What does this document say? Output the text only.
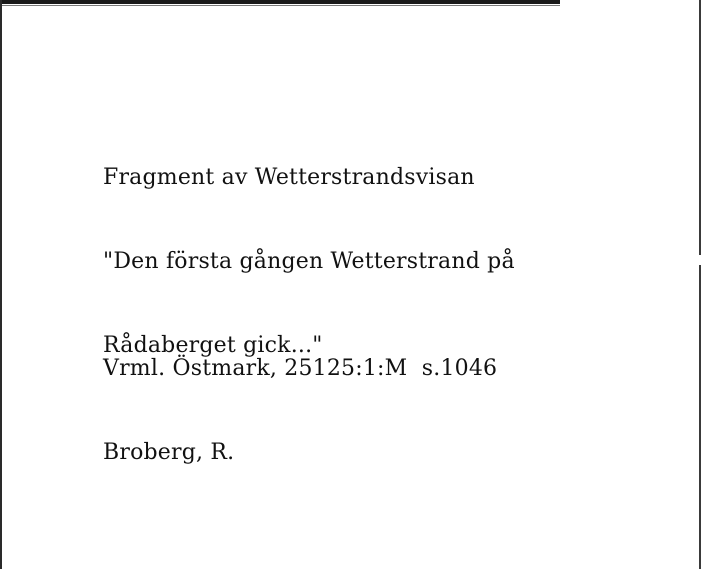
Fragment av Wetterstrandsvisan

"Den första gången Wetterstrand på

Rådaberget gick..."

Vrml. Östmark, 25125:1:M  s.1046

Broberg, R.
